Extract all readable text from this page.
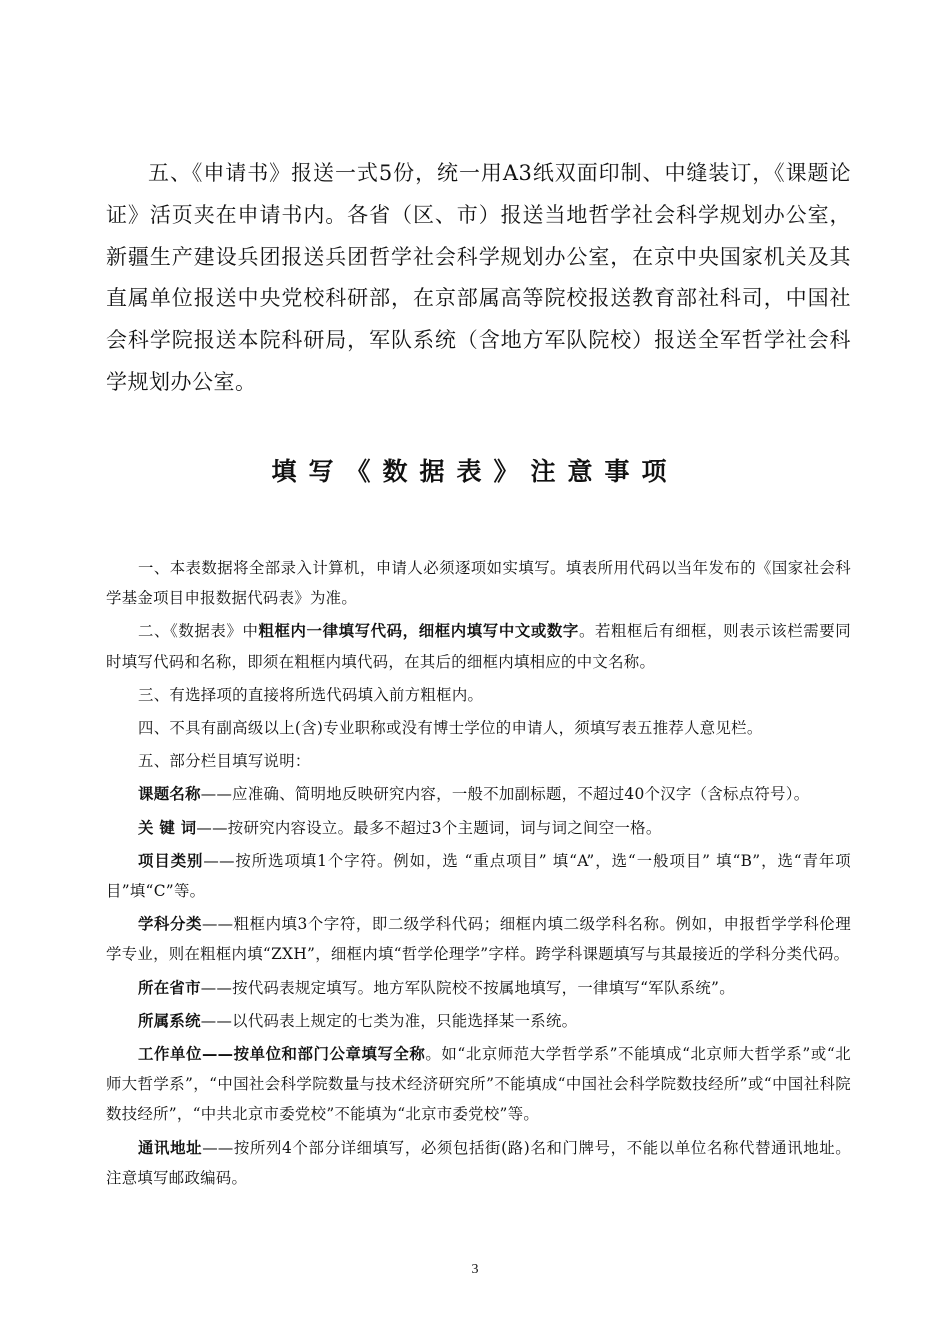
五、《申请书》报送一式5份，统一用A3纸双面印制、中缝装订，《课题论证》活页夹在申请书内。各省（区、市）报送当地哲学社会科学规划办公室，新疆生产建设兵团报送兵团哲学社会科学规划办公室，在京中央国家机关及其直属单位报送中央党校科研部，在京部属高等院校报送教育部社科司，中国社会科学院报送本院科研局，军队系统（含地方军队院校）报送全军哲学社会科学规划办公室。

填写《数据表》注意事项

一、本表数据将全部录入计算机，申请人必须逐项如实填写。填表所用代码以当年发布的《国家社会科学基金项目申报数据代码表》为准。

二、《数据表》中粗框内一律填写代码，细框内填写中文或数字。若粗框后有细框，则表示该栏需要同时填写代码和名称，即须在粗框内填代码，在其后的细框内填相应的中文名称。

三、有选择项的直接将所选代码填入前方粗框内。

四、不具有副高级以上(含)专业职称或没有博士学位的申请人，须填写表五推荐人意见栏。

五、部分栏目填写说明：

课题名称——应准确、简明地反映研究内容，一般不加副标题，不超过40个汉字（含标点符号）。

关 键 词——按研究内容设立。最多不超过3个主题词，词与词之间空一格。

项目类别——按所选项填1个字符。例如，选 “重点项目” 填“A”，选“一般项目” 填“B”，选“青年项目”填“C”等。

学科分类——粗框内填3个字符，即二级学科代码；细框内填二级学科名称。例如，申报哲学学科伦理学专业，则在粗框内填“ZXH”，细框内填“哲学伦理学”字样。跨学科课题填写与其最接近的学科分类代码。

所在省市——按代码表规定填写。地方军队院校不按属地填写，一律填写“军队系统”。

所属系统——以代码表上规定的七类为准，只能选择某一系统。

工作单位——按单位和部门公章填写全称。如“北京师范大学哲学系”不能填成“北京师大哲学系”或“北师大哲学系”，“中国社会科学院数量与技术经济研究所”不能填成“中国社会科学院数技经所”或“中国社科院数技经所”，“中共北京市委党校”不能填为“北京市委党校”等。

通讯地址——按所列4个部分详细填写，必须包括街(路)名和门牌号，不能以单位名称代替通讯地址。注意填写邮政编码。

3
